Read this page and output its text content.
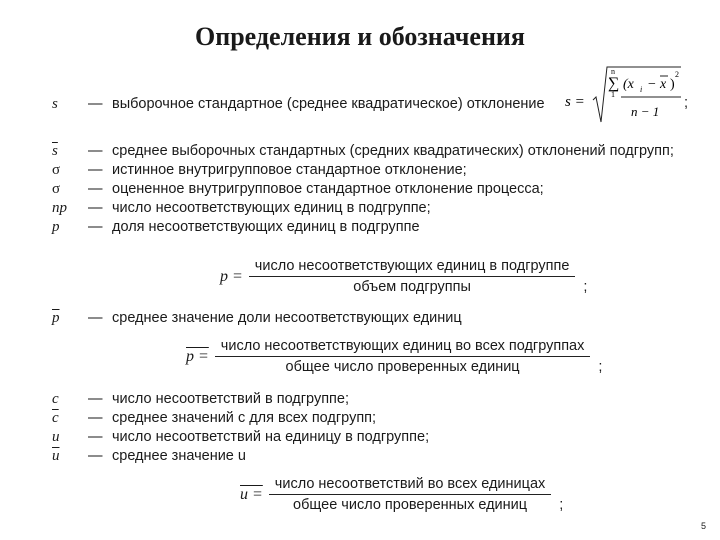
Определения и обозначения
s	— выборочное стандартное (среднее квадратическое) отклонение s =
n
∑
1
(x i − x )
2
n − 1
;
$\overline{s}$	— среднее выборочных стандартных (средних квадратических) отклонений подгрупп;
σ	— истинное внутригрупповое стандартное отклонение;
σ	— оцененное внутригрупповое стандартное отклонение процесса;
np	— число несоответствующих единиц в подгруппе;
p	— доля несоответствующих единиц в подгруппе
$p = \frac{\text{число несоответствующих единиц в подгруппе}}{\text{объем подгруппы}}$ ;
$\overline{p}$	— среднее значение доли несоответствующих единиц
$p = \frac{\text{число несоответствующих единиц во всех подгруппах}}{\text{общее число проверенных единиц}}$ ;
c	— число несоответствий в подгруппе;
$\overline{c}$	— среднее значений c для всех подгрупп;
u	— число несоответствий на единицу в подгруппе;
$\overline{u}$	— среднее значение u
$u = \frac{\text{число несоответствий во всех единицах}}{\text{общее число проверенных единиц}}$ ;
5
